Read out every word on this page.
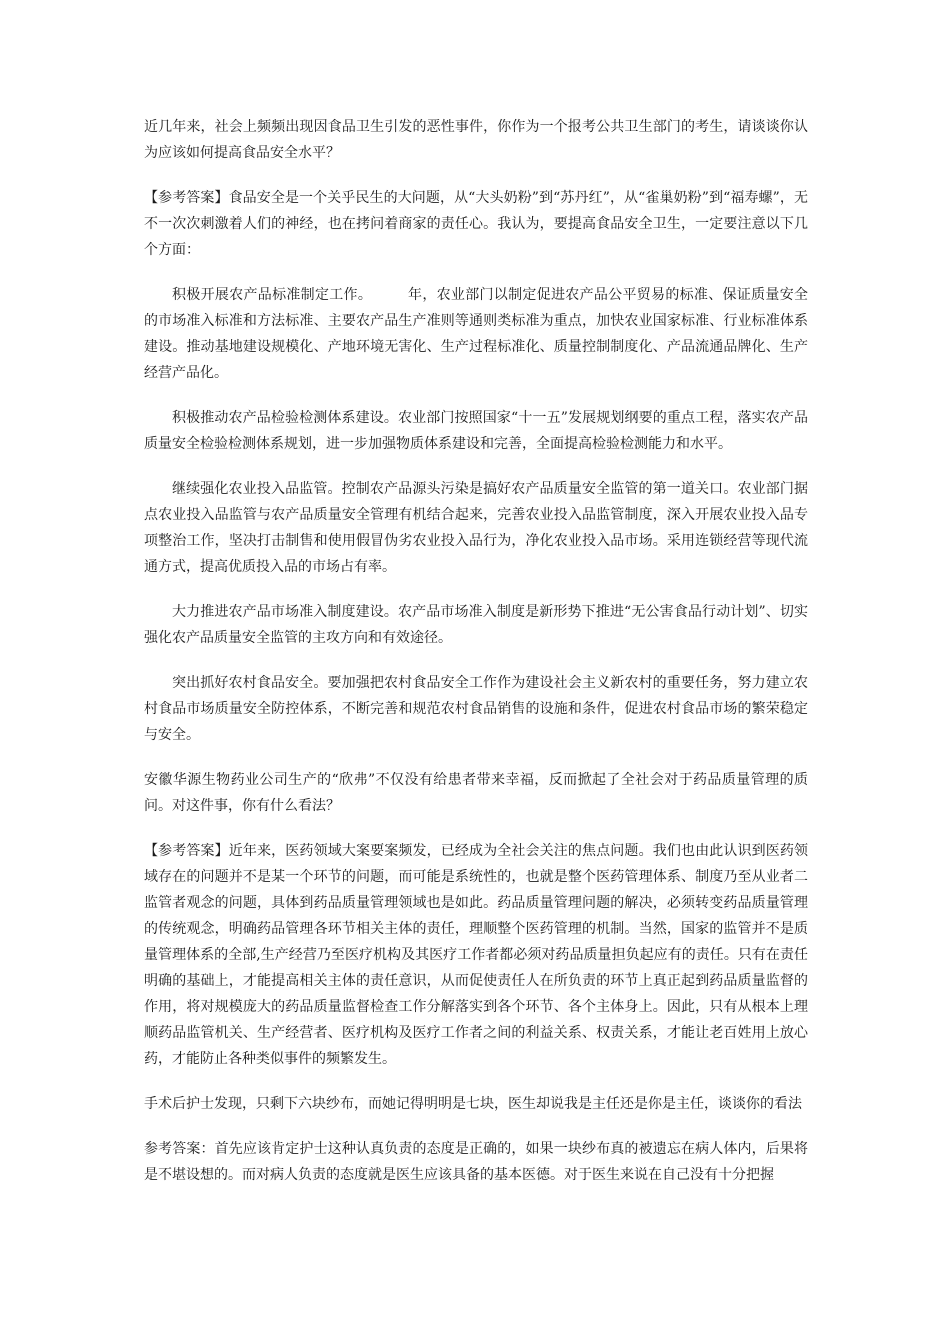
近几年来，社会上频频出现因食品卫生引发的恶性事件，你作为一个报考公共卫生部门的考生，请谈谈你认为应该如何提高食品安全水平？

【参考答案】食品安全是一个关乎民生的大问题，从“大头奶粉”到“苏丹红”，从“雀巢奶粉”到“福寿螺”，无不一次次刺激着人们的神经，也在拷问着商家的责任心。我认为，要提高食品安全卫生，一定要注意以下几个方面：

积极开展农产品标准制定工作。　　　年，农业部门以制定促进农产品公平贸易的标准、保证质量安全的市场准入标准和方法标准、主要农产品生产准则等通则类标准为重点，加快农业国家标准、行业标准体系建设。推动基地建设规模化、产地环境无害化、生产过程标准化、质量控制制度化、产品流通品牌化、生产经营产品化。

积极推动农产品检验检测体系建设。农业部门按照国家“十一五”发展规划纲要的重点工程，落实农产品质量安全检验检测体系规划，进一步加强物质体系建设和完善，全面提高检验检测能力和水平。

继续强化农业投入品监管。控制农产品源头污染是搞好农产品质量安全监管的第一道关口。农业部门据点农业投入品监管与农产品质量安全管理有机结合起来，完善农业投入品监管制度，深入开展农业投入品专项整治工作，坚决打击制售和使用假冒伪劣农业投入品行为，净化农业投入品市场。采用连锁经营等现代流通方式，提高优质投入品的市场占有率。

大力推进农产品市场准入制度建设。农产品市场准入制度是新形势下推进“无公害食品行动计划”、切实强化农产品质量安全监管的主攻方向和有效途径。

突出抓好农村食品安全。要加强把农村食品安全工作作为建设社会主义新农村的重要任务，努力建立农村食品市场质量安全防控体系，不断完善和规范农村食品销售的设施和条件，促进农村食品市场的繁荣稳定与安全。

安徽华源生物药业公司生产的“欣弗”不仅没有给患者带来幸福，反而掀起了全社会对于药品质量管理的质问。对这件事，你有什么看法？

【参考答案】近年来，医药领域大案要案频发，已经成为全社会关注的焦点问题。我们也由此认识到医药领域存在的问题并不是某一个环节的问题，而可能是系统性的，也就是整个医药管理体系、制度乃至从业者二监管者观念的问题，具体到药品质量管理领域也是如此。药品质量管理问题的解决，必须转变药品质量管理的传统观念，明确药品管理各环节相关主体的责任，理顺整个医药管理的机制。当然，国家的监管并不是质量管理体系的全部,生产经营乃至医疗机构及其医疗工作者都必须对药品质量担负起应有的责任。只有在责任明确的基础上，才能提高相关主体的责任意识，从而促使责任人在所负责的环节上真正起到药品质量监督的作用，将对规模庞大的药品质量监督检查工作分解落实到各个环节、各个主体身上。因此，只有从根本上理顺药品监管机关、生产经营者、医疗机构及医疗工作者之间的利益关系、权责关系，才能让老百姓用上放心药，才能防止各种类似事件的频繁发生。

手术后护士发现，只剩下六块纱布，而她记得明明是七块，医生却说我是主任还是你是主任，谈谈你的看法

参考答案：首先应该肯定护士这种认真负责的态度是正确的，如果一块纱布真的被遗忘在病人体内，后果将是不堪设想的。而对病人负责的态度就是医生应该具备的基本医德。对于医生来说在自己没有十分把握
